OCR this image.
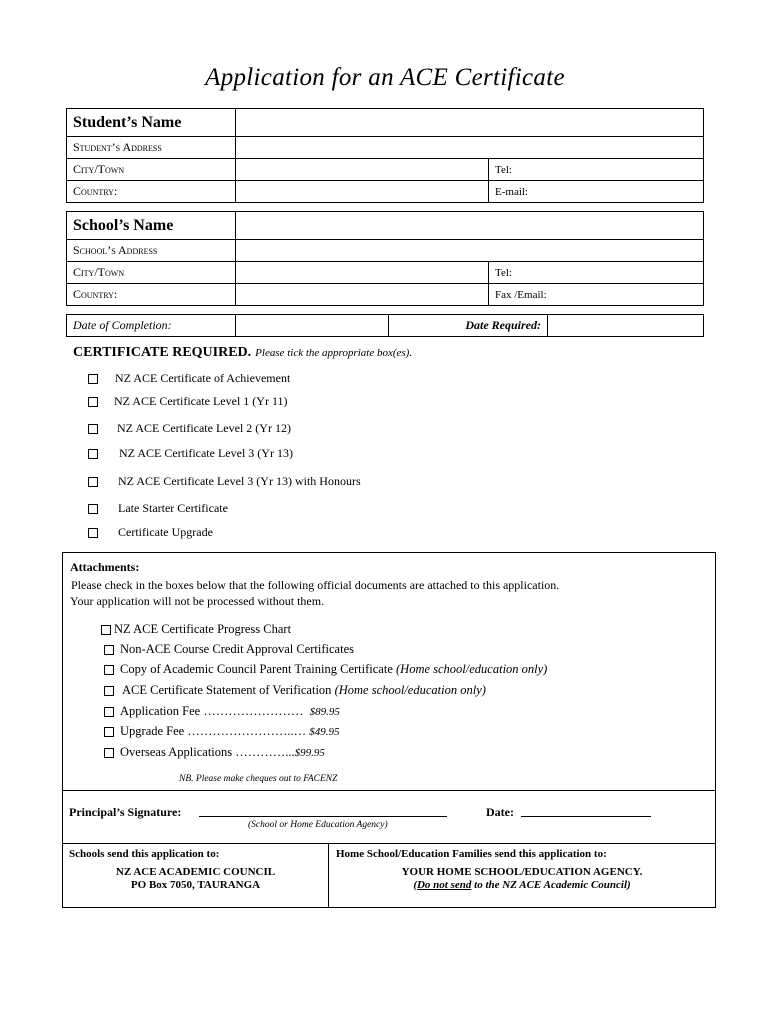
Application for an ACE Certificate
Student’s Name		
Student’s Address		
City/Town		Tel:
Country:		E-mail:
School’s Name		
School’s Address		
City/Town		Tel:
Country:		Fax /Email:
Date of Completion:		Date Required:	
CERTIFICATE REQUIRED. Please tick the appropriate box(es).
NZ ACE Certificate of Achievement
NZ ACE Certificate Level 1 (Yr 11)
NZ ACE Certificate Level 2 (Yr 12)
NZ ACE Certificate Level 3 (Yr 13)
NZ ACE Certificate Level 3 (Yr 13) with Honours
Late Starter Certificate
Certificate Upgrade
Attachments:
Please check in the boxes below that the following official documents are attached to this application.
Your application will not be processed without them.
NZ ACE Certificate Progress Chart
Non-ACE Course Credit Approval Certificates
Copy of Academic Council Parent Training Certificate
(Home school/education only)
ACE Certificate Statement of Verification
(Home school/education only)
Application Fee ……………………
$89.95
Upgrade Fee ……………………..…
$49.95
Overseas Applications …………... $99.95
NB. Please make cheques out to FACENZ
Principal’s Signature:
(School or Home Education Agency)
Date:
Schools send this application to:
NZ ACE ACADEMIC COUNCIL
PO Box 7050, TAURANGA
Home School/Education Families send this application to:
YOUR HOME SCHOOL/EDUCATION AGENCY.
(Do not send to the NZ ACE Academic Council)
